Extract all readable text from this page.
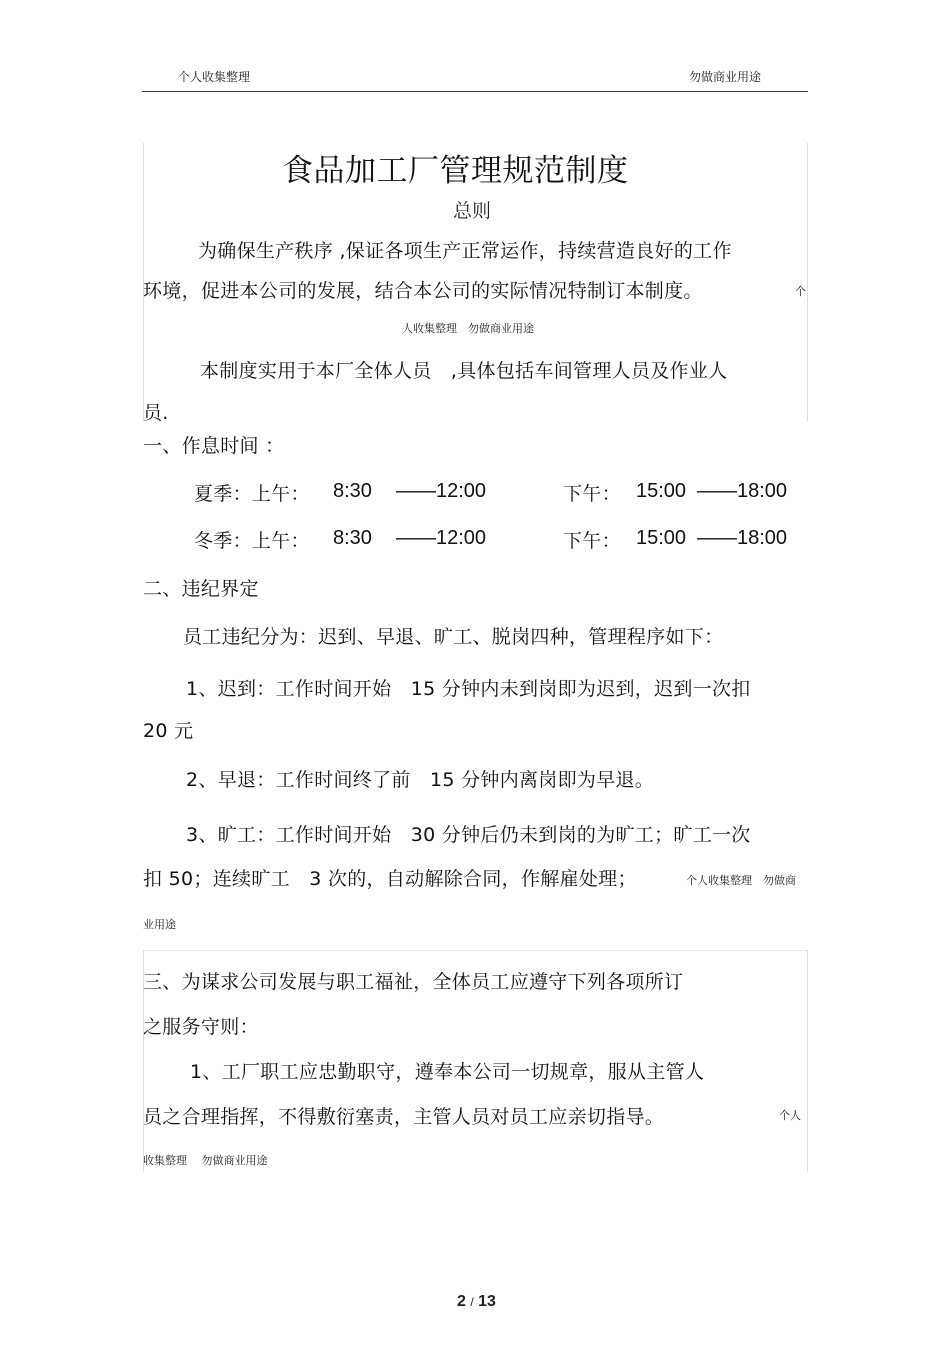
个人收集整理	勿做商业用途
食品加工厂管理规范制度
总则
为确保生产秩序 ,保证各项生产正常运作，持续营造良好的工作
环境，促进本公司的发展，结合本公司的实际情况特制订本制度。	个
人收集整理　勿做商业用途
本制度实用于本厂全体人员　,具体包括车间管理人员及作业人
员.
一、作息时间 ：
夏季：上午： 8:30 ——12:00	下午： 15:00 ——18:00
冬季：上午： 8:30 ——12:00	下午： 15:00 ——18:00
二、违纪界定
员工违纪分为：迟到、早退、旷工、脱岗四种，管理程序如下：
1、迟到：工作时间开始　15 分钟内未到岗即为迟到，迟到一次扣
20 元
2、早退：工作时间终了前　15 分钟内离岗即为早退。
3、旷工：工作时间开始　30 分钟后仍未到岗的为旷工；旷工一次
扣 50；连续旷工　3 次的，自动解除合同，作解雇处理；	个人收集整理　勿做商
业用途
三、为谋求公司发展与职工福祉，全体员工应遵守下列各项所订
之服务守则：
1、工厂职工应忠勤职守，遵奉本公司一切规章，服从主管人
员之合理指挥，不得敷衍塞责，主管人员对员工应亲切指导。	个人
收集整理　 勿做商业用途
2 / 13
